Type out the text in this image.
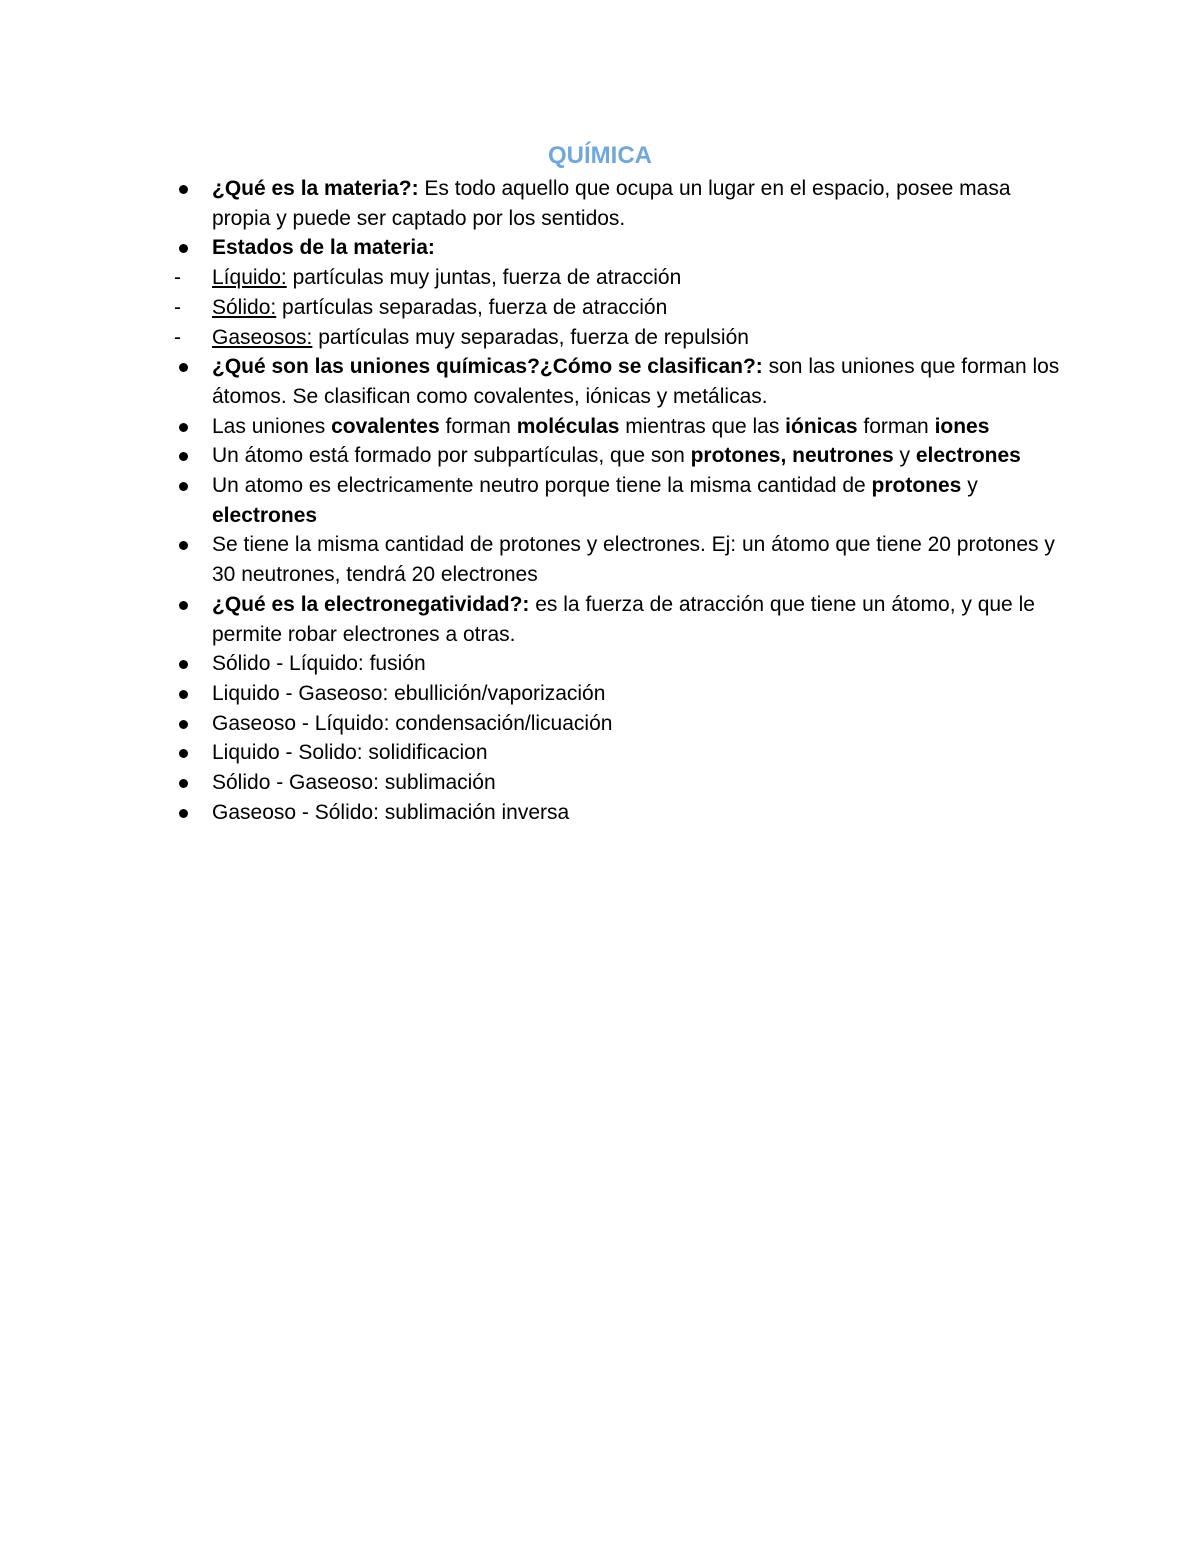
QUÍMICA
¿Qué es la materia?: Es todo aquello que ocupa un lugar en el espacio, posee masa propia y puede ser captado por los sentidos.
Estados de la materia:
Líquido: partículas muy juntas, fuerza de atracción
Sólido: partículas separadas, fuerza de atracción
Gaseosos: partículas muy separadas, fuerza de repulsión
¿Qué son las uniones químicas?¿Cómo se clasifican?: son las uniones que forman los átomos. Se clasifican como covalentes, iónicas y metálicas.
Las uniones covalentes forman moléculas mientras que las iónicas forman iones
Un átomo está formado por subpartículas, que son protones, neutrones y electrones
Un atomo es electricamente neutro porque tiene la misma cantidad de protones y electrones
Se tiene la misma cantidad de protones y electrones. Ej: un átomo que tiene 20 protones y 30 neutrones, tendrá 20 electrones
¿Qué es la electronegatividad?: es la fuerza de atracción que tiene un átomo, y que le permite robar electrones a otras.
Sólido - Líquido: fusión
Liquido - Gaseoso: ebullición/vaporización
Gaseoso - Líquido: condensación/licuación
Liquido - Solido: solidificacion
Sólido - Gaseoso: sublimación
Gaseoso - Sólido: sublimación inversa
